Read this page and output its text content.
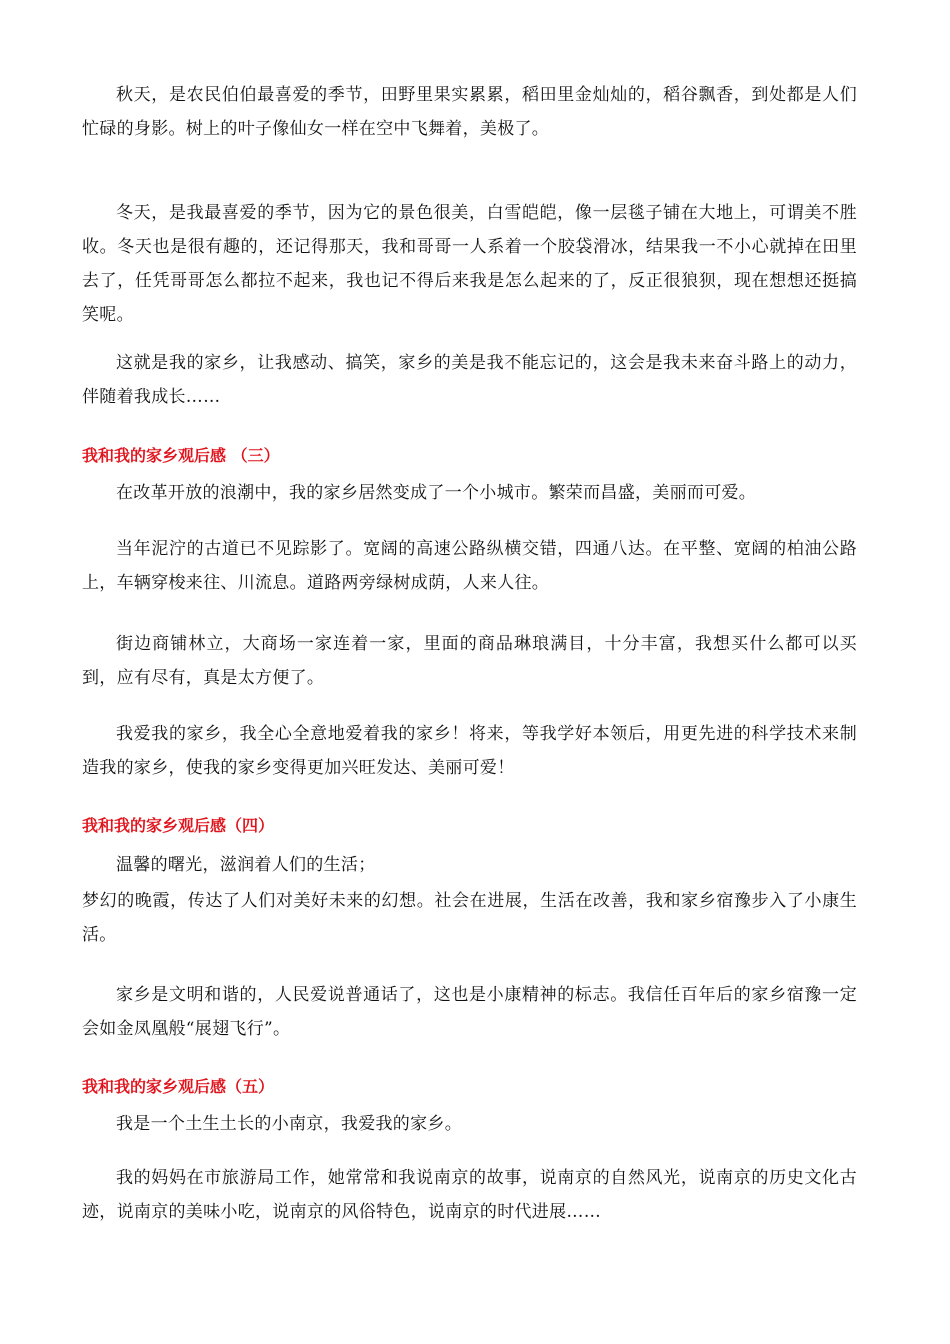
秋天，是农民伯伯最喜爱的季节，田野里果实累累，稻田里金灿灿的，稻谷飘香，到处都是人们忙碌的身影。树上的叶子像仙女一样在空中飞舞着，美极了。

冬天，是我最喜爱的季节，因为它的景色很美，白雪皑皑，像一层毯子铺在大地上，可谓美不胜收。冬天也是很有趣的，还记得那天，我和哥哥一人系着一个胶袋滑冰，结果我一不小心就掉在田里去了，任凭哥哥怎么都拉不起来，我也记不得后来我是怎么起来的了，反正很狼狈，现在想想还挺搞笑呢。

这就是我的家乡，让我感动、搞笑，家乡的美是我不能忘记的，这会是我未来奋斗路上的动力，伴随着我成长……

我和我的家乡观后感 （三）

在改革开放的浪潮中，我的家乡居然变成了一个小城市。繁荣而昌盛，美丽而可爱。

当年泥泞的古道已不见踪影了。宽阔的高速公路纵横交错，四通八达。在平整、宽阔的柏油公路上，车辆穿梭来往、川流息。道路两旁绿树成荫，人来人往。

街边商铺林立，大商场一家连着一家，里面的商品琳琅满目，十分丰富，我想买什么都可以买到，应有尽有，真是太方便了。

我爱我的家乡，我全心全意地爱着我的家乡！将来，等我学好本领后，用更先进的科学技术来制造我的家乡，使我的家乡变得更加兴旺发达、美丽可爱！

我和我的家乡观后感（四）

温馨的曙光，滋润着人们的生活；

梦幻的晚霞，传达了人们对美好未来的幻想。社会在进展，生活在改善，我和家乡宿豫步入了小康生活。

家乡是文明和谐的，人民爱说普通话了，这也是小康精神的标志。我信任百年后的家乡宿豫一定会如金凤凰般“展翅飞行”。

我和我的家乡观后感（五）

我是一个土生土长的小南京，我爱我的家乡。

我的妈妈在市旅游局工作，她常常和我说南京的故事，说南京的自然风光，说南京的历史文化古迹，说南京的美味小吃，说南京的风俗特色，说南京的时代进展……
